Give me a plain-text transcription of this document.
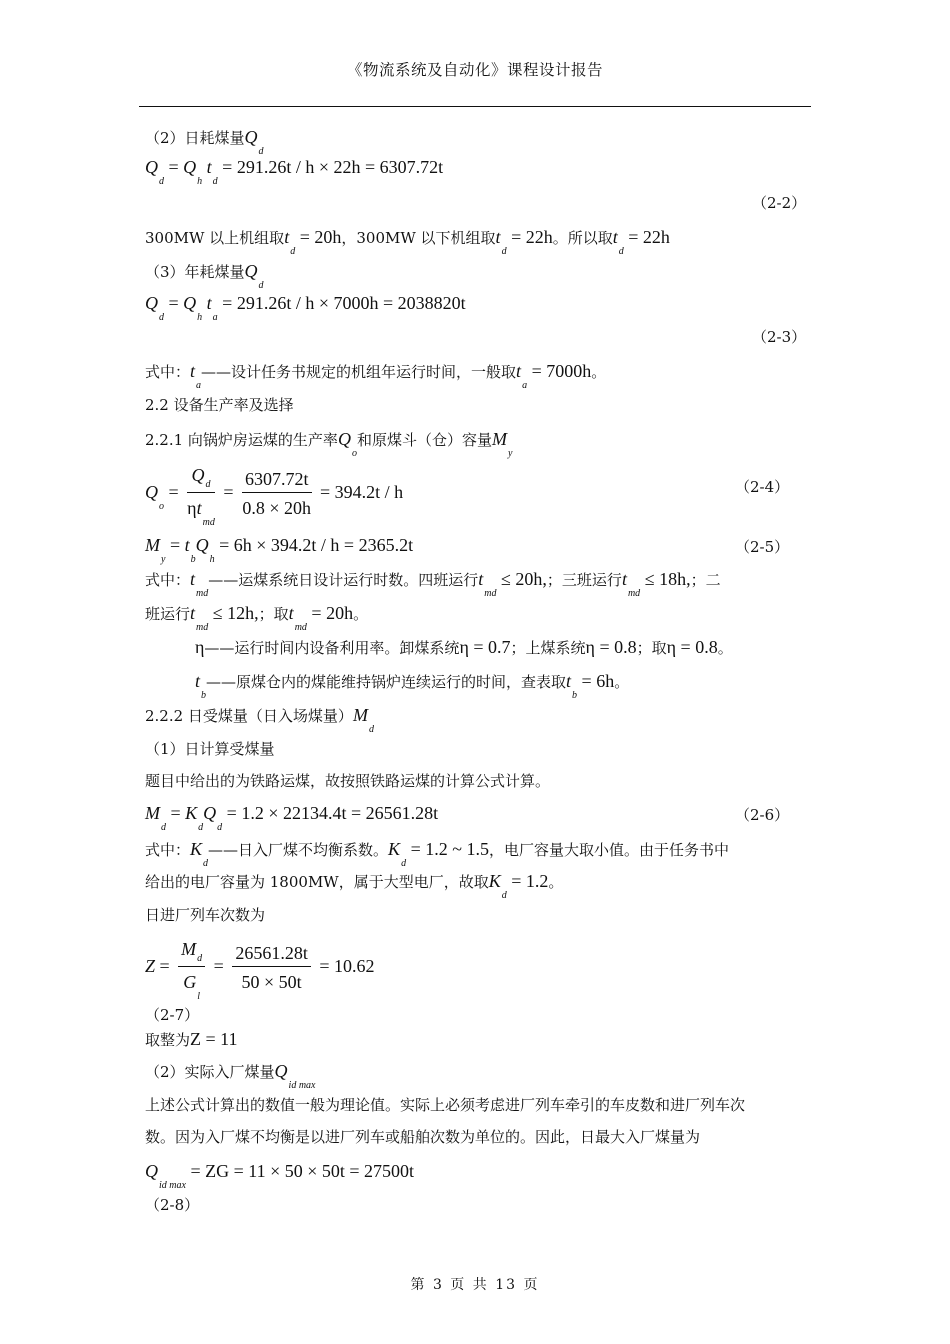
《物流系统及自动化》课程设计报告
（2）日耗煤量$Q_d$
$Q_d = Q_h$ $t_d = 291.26t / h \times 22h = 6307.72t$
（2-2）
300MW 以上机组取$t_d = 20h$，300MW 以下机组取$t_d = 22h$。所以取$t_d = 22h$
（3）年耗煤量$Q_d$
$Q_d = Q_h$ $t_a = 291.26t / h \times 7000h = 2038820t$
（2-3）
式中：$t_a——$设计任务书规定的机组年运行时间，一般取$t_a = 7000h$。
2.2 设备生产率及选择
2.2.1 向锅炉房运煤的生产率$Q_o$和原煤斗（仓）容量$M_y$
$Q_o = \frac{Q_d}{\eta t_{md}} = \frac{6307.72t}{0.8 \times 20h} = 394.2t / h$	（2-4）
$M_y = t_bQ_h = 6h \times 394.2t / h = 2365.2t$	（2-5）
式中：$t_{md}——$运煤系统日设计运行时数。四班运行$t_{md} \le 20h$,；三班运行$t_{md} \le 18h$,；二
班运行$t_{md} \le 12h$,；取$t_{md} = 20h$。
η——运行时间内设备利用率。卸煤系统η = 0.7；上煤系统η = 0.8；取η = 0.8。
$t_b——$原煤仓内的煤能维持锅炉连续运行的时间，查表取$t_b = 6h$。
2.2.2 日受煤量（日入场煤量）$M_d$
（1）日计算受煤量
题目中给出的为铁路运煤，故按照铁路运煤的计算公式计算。
$M_d = K_dQ_d = 1.2 \times 22134.4t = 26561.28t$	（2-6）
式中：$K_d——$日入厂煤不均衡系数。$K_d = 1.2$ ~ 1.5，电厂容量大取小值。由于任务书中
给出的电厂容量为 1800MW，属于大型电厂，故取$K_d = 1.2$。
日进厂列车次数为
$Z = \frac{M_d}{G_l} = \frac{26561.28t}{50 \times 50t} = 10.62$
（2-7）
取整为Z = 11
（2）实际入厂煤量$Q_{id max}$
上述公式计算出的数值一般为理论值。实际上必须考虑进厂列车牵引的车皮数和进厂列车次
数。因为入厂煤不均衡是以进厂列车或船舶次数为单位的。因此，日最大入厂煤量为
$Q_{id max}$ = ZG = 11 × 50 × 50t = 27500t
（2-8）
第 3 页 共 13 页
